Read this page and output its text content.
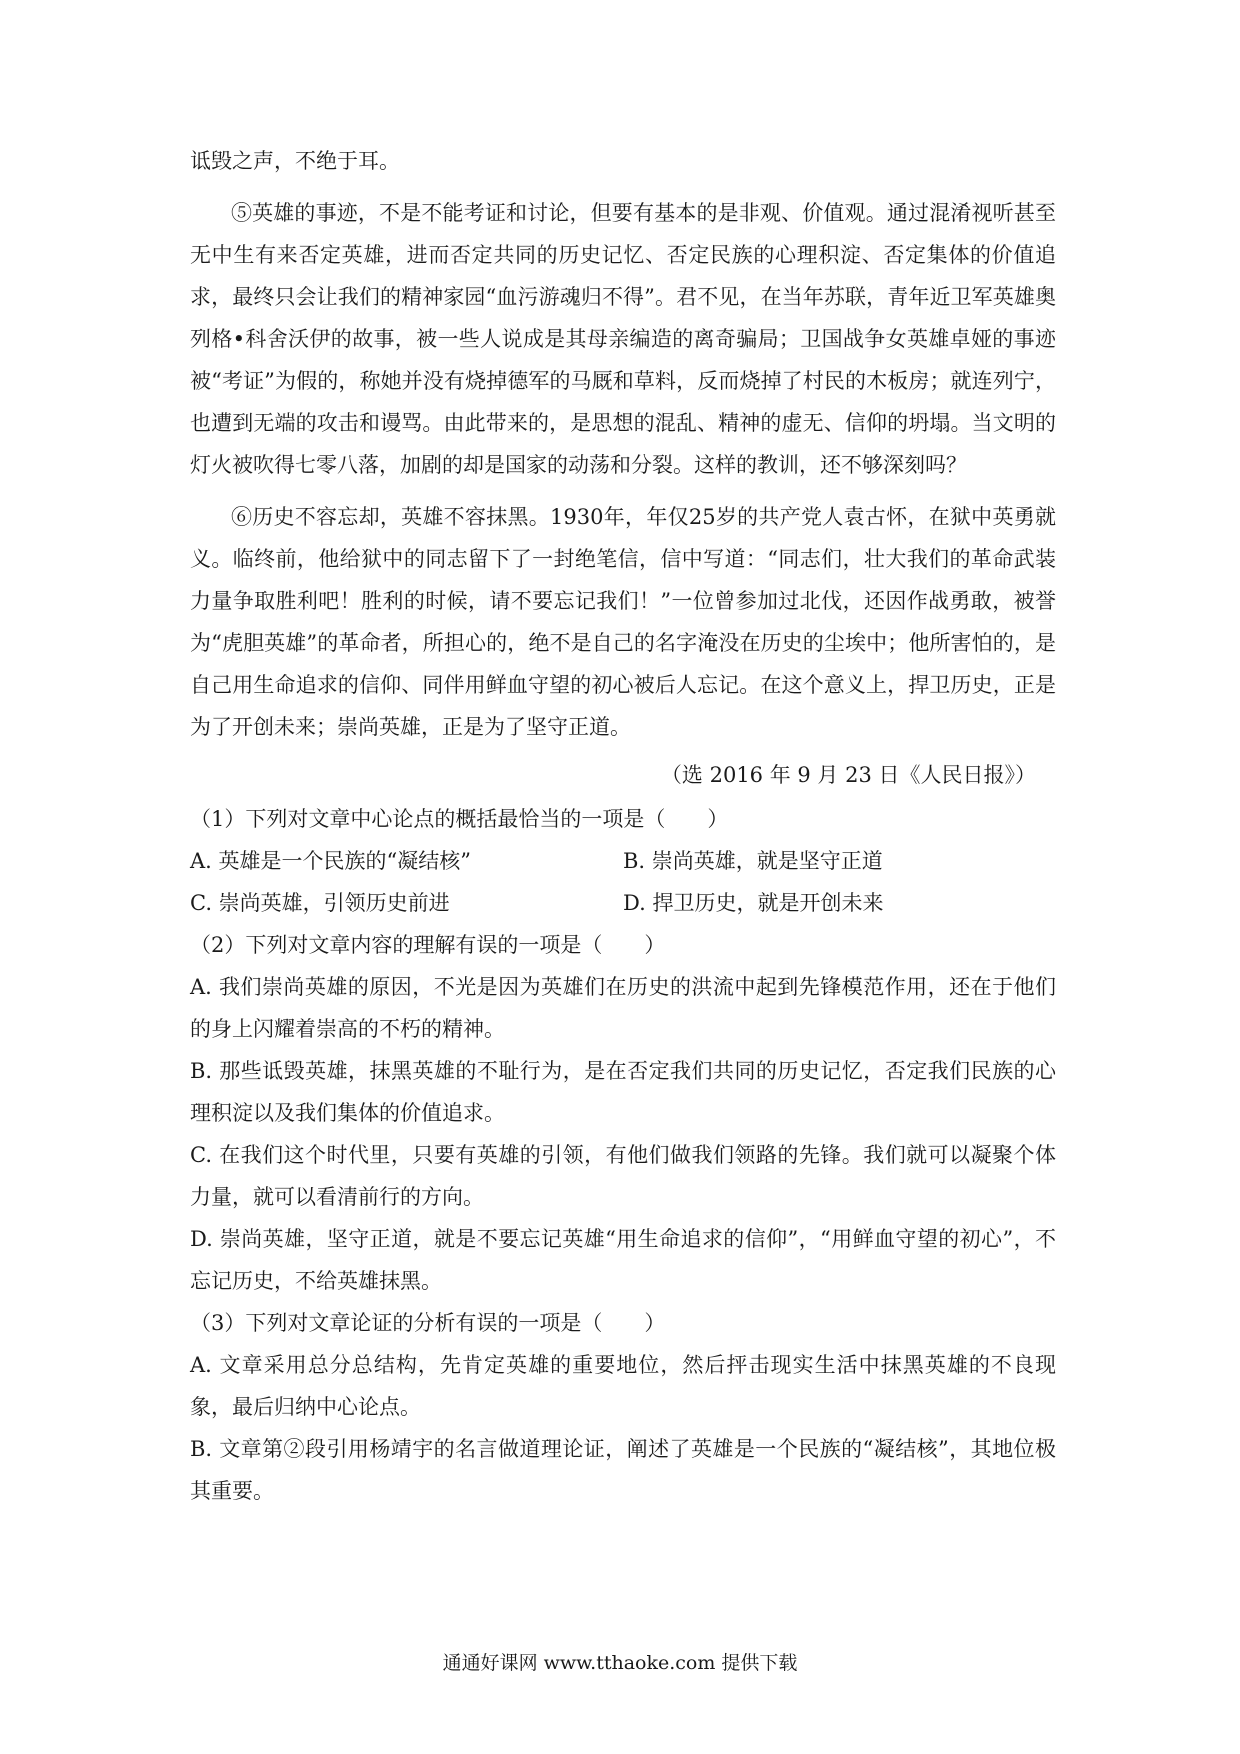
诋毁之声，不绝于耳。

⑤英雄的事迹，不是不能考证和讨论，但要有基本的是非观、价值观。通过混淆视听甚至无中生有来否定英雄，进而否定共同的历史记忆、否定民族的心理积淀、否定集体的价值追求，最终只会让我们的精神家园“血污游魂归不得”。君不见，在当年苏联，青年近卫军英雄奥列格•科舍沃伊的故事，被一些人说成是其母亲编造的离奇骗局；卫国战争女英雄卓娅的事迹被“考证”为假的，称她并没有烧掉德军的马厩和草料，反而烧掉了村民的木板房；就连列宁，也遭到无端的攻击和谩骂。由此带来的，是思想的混乱、精神的虚无、信仰的坍塌。当文明的灯火被吹得七零八落，加剧的却是国家的动荡和分裂。这样的教训，还不够深刻吗？

⑥历史不容忘却，英雄不容抹黑。1930年，年仅25岁的共产党人袁古怀，在狱中英勇就义。临终前，他给狱中的同志留下了一封绝笔信，信中写道：“同志们，壮大我们的革命武装力量争取胜利吧！胜利的时候，请不要忘记我们！”一位曾参加过北伐，还因作战勇敢，被誉为“虎胆英雄”的革命者，所担心的，绝不是自己的名字淹没在历史的尘埃中；他所害怕的，是自己用生命追求的信仰、同伴用鲜血守望的初心被后人忘记。在这个意义上，捍卫历史，正是为了开创未来；崇尚英雄，正是为了坚守正道。

（选 2016 年 9 月 23 日《人民日报》）

（1）下列对文章中心论点的概括最恰当的一项是（　　）

A. 英雄是一个民族的“凝结核”	B. 崇尚英雄，就是坚守正道
C. 崇尚英雄，引领历史前进	D. 捍卫历史，就是开创未来

（2）下列对文章内容的理解有误的一项是（　　）

A. 我们崇尚英雄的原因，不光是因为英雄们在历史的洪流中起到先锋模范作用，还在于他们的身上闪耀着崇高的不朽的精神。

B. 那些诋毁英雄，抹黑英雄的不耻行为，是在否定我们共同的历史记忆，否定我们民族的心理积淀以及我们集体的价值追求。

C. 在我们这个时代里，只要有英雄的引领，有他们做我们领路的先锋。我们就可以凝聚个体力量，就可以看清前行的方向。

D. 崇尚英雄，坚守正道，就是不要忘记英雄“用生命追求的信仰”，“用鲜血守望的初心”，不忘记历史，不给英雄抹黑。

（3）下列对文章论证的分析有误的一项是（　　）

A. 文章采用总分总结构，先肯定英雄的重要地位，然后抨击现实生活中抹黑英雄的不良现象，最后归纳中心论点。

B. 文章第②段引用杨靖宇的名言做道理论证，阐述了英雄是一个民族的“凝结核”，其地位极其重要。

通通好课网 www.tthaoke.com 提供下载
